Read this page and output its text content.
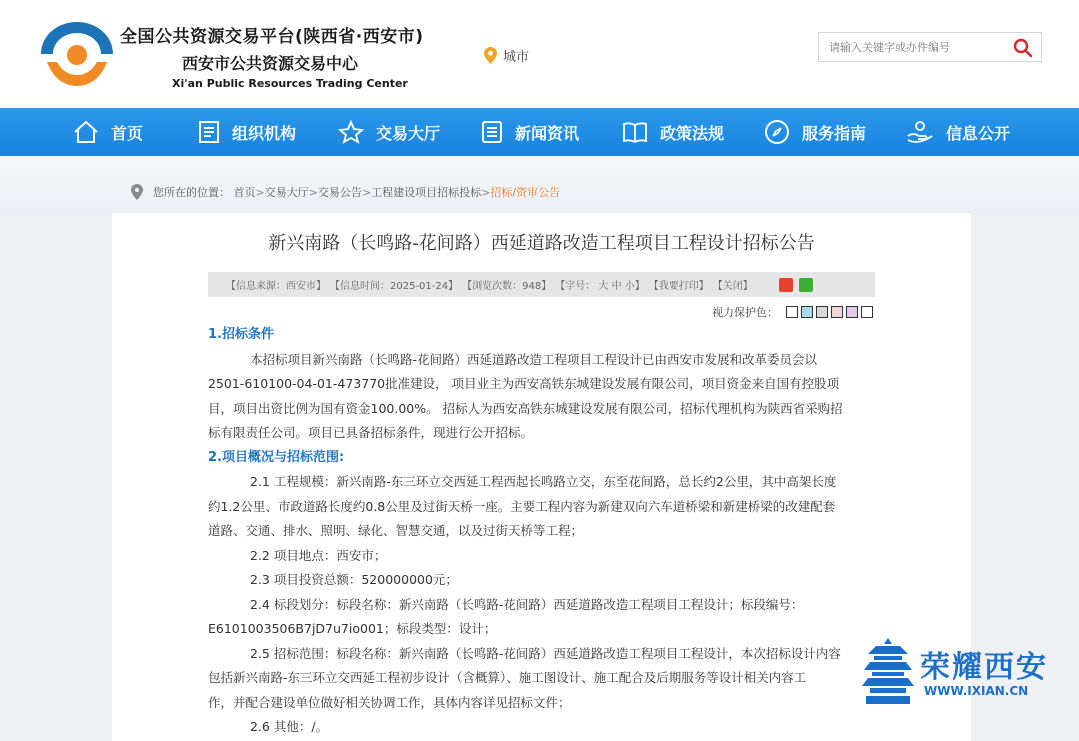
全国公共资源交易平台(陕西省·西安市)
西安市公共资源交易中心
Xi'an Public Resources Trading Center
城市
请输入关键字或办件编号
首页	组织机构	交易大厅	新闻资讯	政策法规	服务指南	信息公开
您所在的位置：
首页 > 交易大厅 > 交易公告 > 工程建设项目招标投标 > 招标/资审公告
新兴南路（长鸣路-花间路）西延道路改造工程项目工程设计招标公告
【信息来源：西安市】 【信息时间：2025-01-24】 【浏览次数：948】 【字号： 大 中 小】 【我要打印】 【关闭】
视力保护色：
1.招标条件
本招标项目新兴南路（长鸣路-花间路）西延道路改造工程项目工程设计已由西安市发展和改革委员会以
2501-610100-04-01-473770批准建设， 项目业主为西安高铁东城建设发展有限公司，项目资金来自国有控股项
目，项目出资比例为国有资金100.00%。 招标人为西安高铁东城建设发展有限公司，招标代理机构为陕西省采购招
标有限责任公司。项目已具备招标条件，现进行公开招标。
2.项目概况与招标范围:
2.1 工程规模：新兴南路-东三环立交西延工程西起长鸣路立交，东至花间路，总长约2公里，其中高架长度
约1.2公里、市政道路长度约0.8公里及过街天桥一座。主要工程内容为新建双向六车道桥梁和新建桥梁的改建配套
道路、交通、排水、照明、绿化、智慧交通，以及过街天桥等工程；
2.2 项目地点：西安市；
2.3 项目投资总额：520000000元；
2.4 标段划分：标段名称：新兴南路（长鸣路-花间路）西延道路改造工程项目工程设计；标段编号：
E6101003506B7jD7u7io001；标段类型：设计；
2.5 招标范围：标段名称：新兴南路（长鸣路-花间路）西延道路改造工程项目工程设计，本次招标设计内容
包括新兴南路-东三环立交西延工程初步设计（含概算）、施工图设计、施工配合及后期服务等设计相关内容工
作，并配合建设单位做好相关协调工作，具体内容详见招标文件；
2.6 其他：/。
荣耀西安
WWW.IXIAN.CN
